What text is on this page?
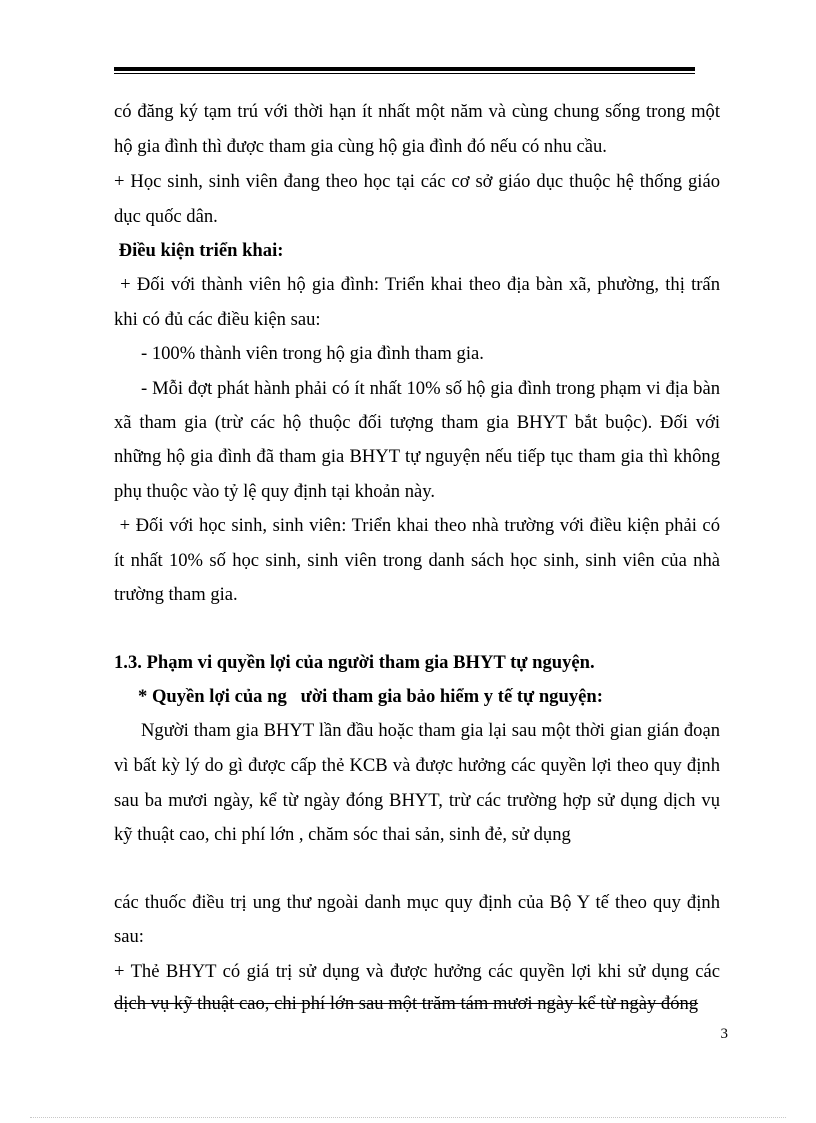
có đăng ký tạm trú với thời hạn ít nhất một năm và cùng chung sống trong một
hộ gia đình thì được tham gia cùng hộ gia đình đó nếu có nhu cầu.
+ Học sinh, sinh viên đang theo học tại các cơ sở giáo dục thuộc hệ thống giáo
dục quốc dân.
Điều kiện triển khai:
+ Đối với thành viên hộ gia đình: Triển khai theo địa bàn xã, phường, thị trấn
khi có đủ các điều kiện sau:
- 100% thành viên trong hộ gia đình tham gia.
- Mỗi đợt phát hành phải có ít nhất 10% số hộ gia đình trong phạm vi địa bàn
xã tham gia (trừ các hộ thuộc đối tượng tham gia BHYT bắt buộc). Đối với
những hộ gia đình đã tham gia BHYT tự nguyện nếu tiếp tục tham gia thì không
phụ thuộc vào tỷ lệ quy định tại khoản này.
+ Đối với học sinh, sinh viên: Triển khai theo nhà trường với điều kiện phải có
ít nhất 10% số học sinh, sinh viên trong danh sách học sinh, sinh viên của nhà
trường tham gia.
1.3. Phạm vi quyền lợi của người tham gia BHYT tự nguyện.
* Quyền lợi của ng   ười tham gia bảo hiểm y tế tự nguyện:
Người tham gia BHYT lần đầu hoặc tham gia lại sau một thời gian gián đoạn
vì bất kỳ lý do gì được cấp thẻ KCB và được hưởng các quyền lợi theo quy định
sau ba mươi ngày, kể từ ngày đóng BHYT, trừ các trường hợp sử dụng dịch vụ
kỹ thuật cao, chi phí lớn , chăm sóc thai sản, sinh đẻ, sử dụng
các thuốc điều trị ung thư ngoài danh mục quy định của Bộ Y tế theo quy định
sau:
+ Thẻ BHYT có giá trị sử dụng và được hưởng các quyền lợi khi sử dụng các
dịch vụ kỹ thuật cao, chi phí lớn sau một trăm tám mươi ngày kể từ ngày đóng
3
